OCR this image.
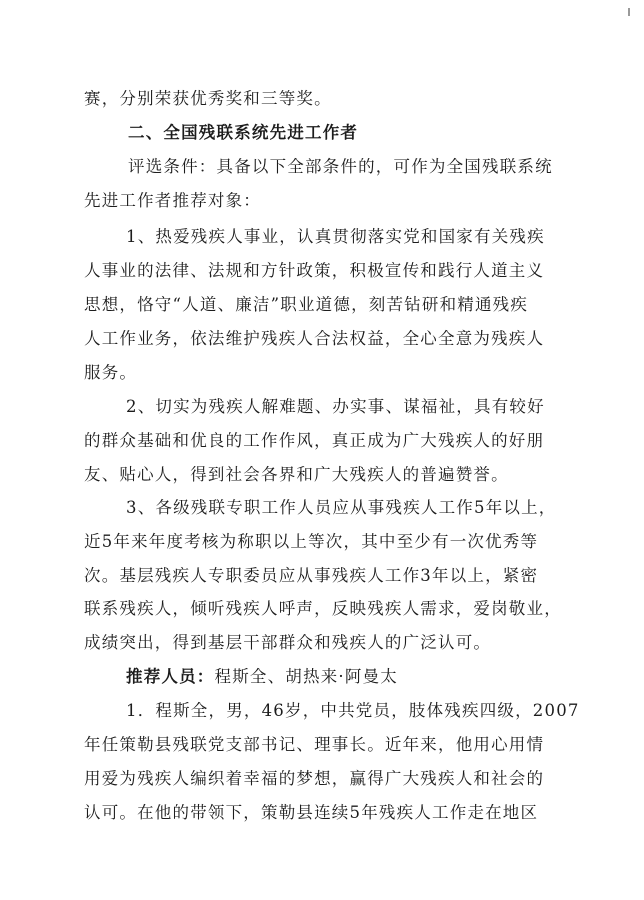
赛，分别荣获优秀奖和三等奖。

二、全国残联系统先进工作者

评选条件：具备以下全部条件的，可作为全国残联系统

先进工作者推荐对象：

1、热爱残疾人事业，认真贯彻落实党和国家有关残疾

人事业的法律、法规和方针政策，积极宣传和践行人道主义

思想，恪守“人道、廉洁”职业道德，刻苦钻研和精通残疾

人工作业务，依法维护残疾人合法权益，全心全意为残疾人

服务。

2、切实为残疾人解难题、办实事、谋福祉，具有较好

的群众基础和优良的工作作风，真正成为广大残疾人的好朋

友、贴心人，得到社会各界和广大残疾人的普遍赞誉。

3、各级残联专职工作人员应从事残疾人工作5年以上，

近5年来年度考核为称职以上等次，其中至少有一次优秀等

次。基层残疾人专职委员应从事残疾人工作3年以上，紧密

联系残疾人，倾听残疾人呼声，反映残疾人需求，爱岗敬业，

成绩突出，得到基层干部群众和残疾人的广泛认可。

推荐人员：程斯全、胡热来·阿曼太

1．程斯全，男，46岁，中共党员，肢体残疾四级，2007

年任策勒县残联党支部书记、理事长。近年来，他用心用情

用爱为残疾人编织着幸福的梦想，赢得广大残疾人和社会的

认可。在他的带领下，策勒县连续5年残疾人工作走在地区
